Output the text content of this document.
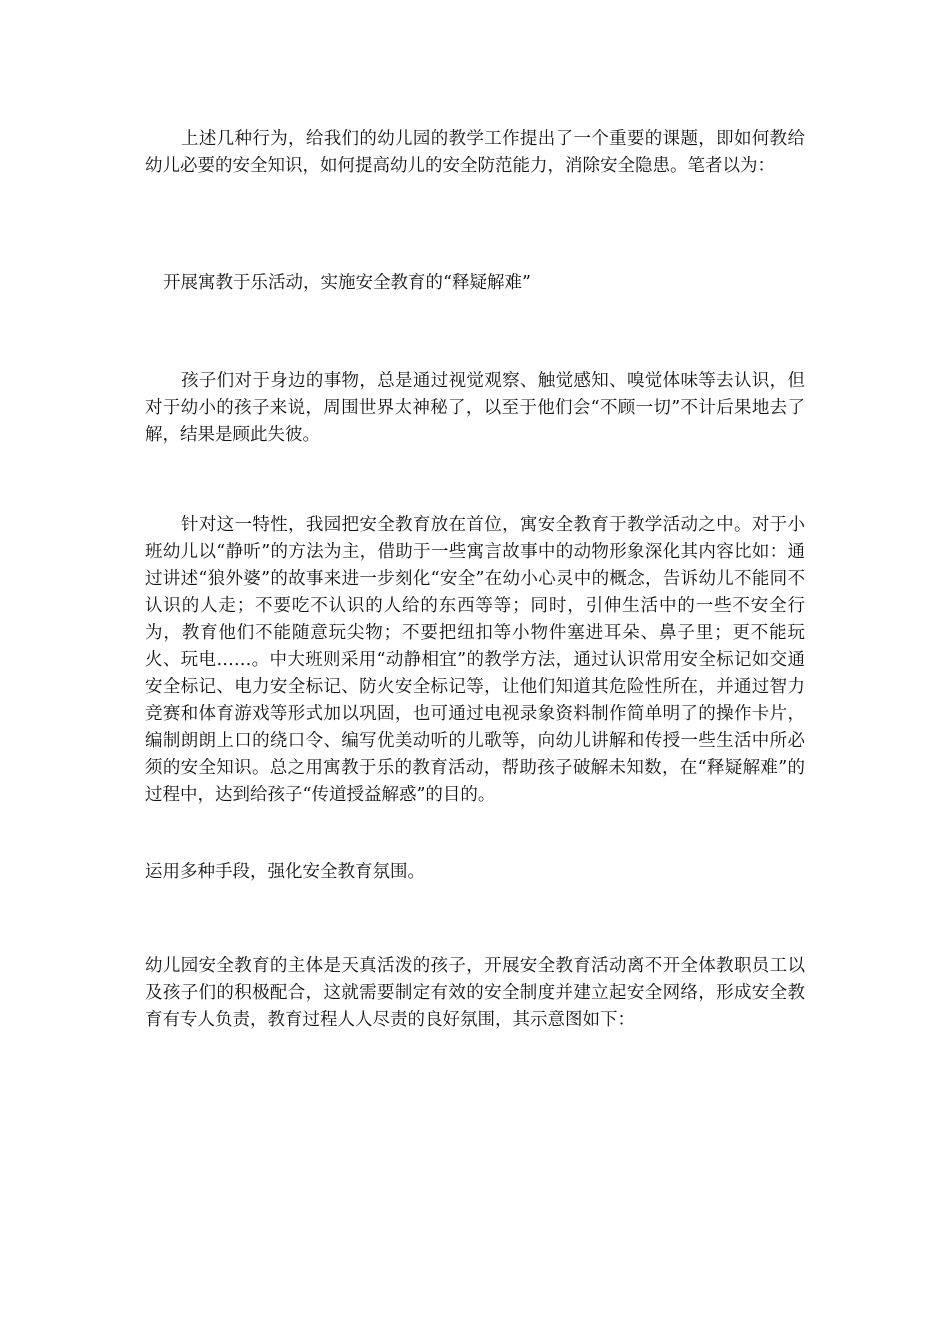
上述几种行为，给我们的幼儿园的教学工作提出了一个重要的课题，即如何教给幼儿必要的安全知识，如何提高幼儿的安全防范能力，消除安全隐患。笔者以为：

开展寓教于乐活动，实施安全教育的“释疑解难”

孩子们对于身边的事物，总是通过视觉观察、触觉感知、嗅觉体味等去认识，但对于幼小的孩子来说，周围世界太神秘了，以至于他们会“不顾一切”不计后果地去了解，结果是顾此失彼。

针对这一特性，我园把安全教育放在首位，寓安全教育于教学活动之中。对于小班幼儿以“静听”的方法为主，借助于一些寓言故事中的动物形象深化其内容比如：通过讲述“狼外婆”的故事来进一步刻化“安全”在幼小心灵中的概念，告诉幼儿不能同不认识的人走；不要吃不认识的人给的东西等等；同时，引伸生活中的一些不安全行为，教育他们不能随意玩尖物；不要把纽扣等小物件塞进耳朵、鼻子里；更不能玩火、玩电……。中大班则采用“动静相宜”的教学方法，通过认识常用安全标记如交通安全标记、电力安全标记、防火安全标记等，让他们知道其危险性所在，并通过智力竞赛和体育游戏等形式加以巩固，也可通过电视录象资料制作简单明了的操作卡片，编制朗朗上口的绕口令、编写优美动听的儿歌等，向幼儿讲解和传授一些生活中所必须的安全知识。总之用寓教于乐的教育活动，帮助孩子破解未知数，在“释疑解难”的过程中，达到给孩子“传道授益解惑”的目的。

运用多种手段，强化安全教育氛围。

幼儿园安全教育的主体是天真活泼的孩子，开展安全教育活动离不开全体教职员工以及孩子们的积极配合，这就需要制定有效的安全制度并建立起安全网络，形成安全教育有专人负责，教育过程人人尽责的良好氛围，其示意图如下：
